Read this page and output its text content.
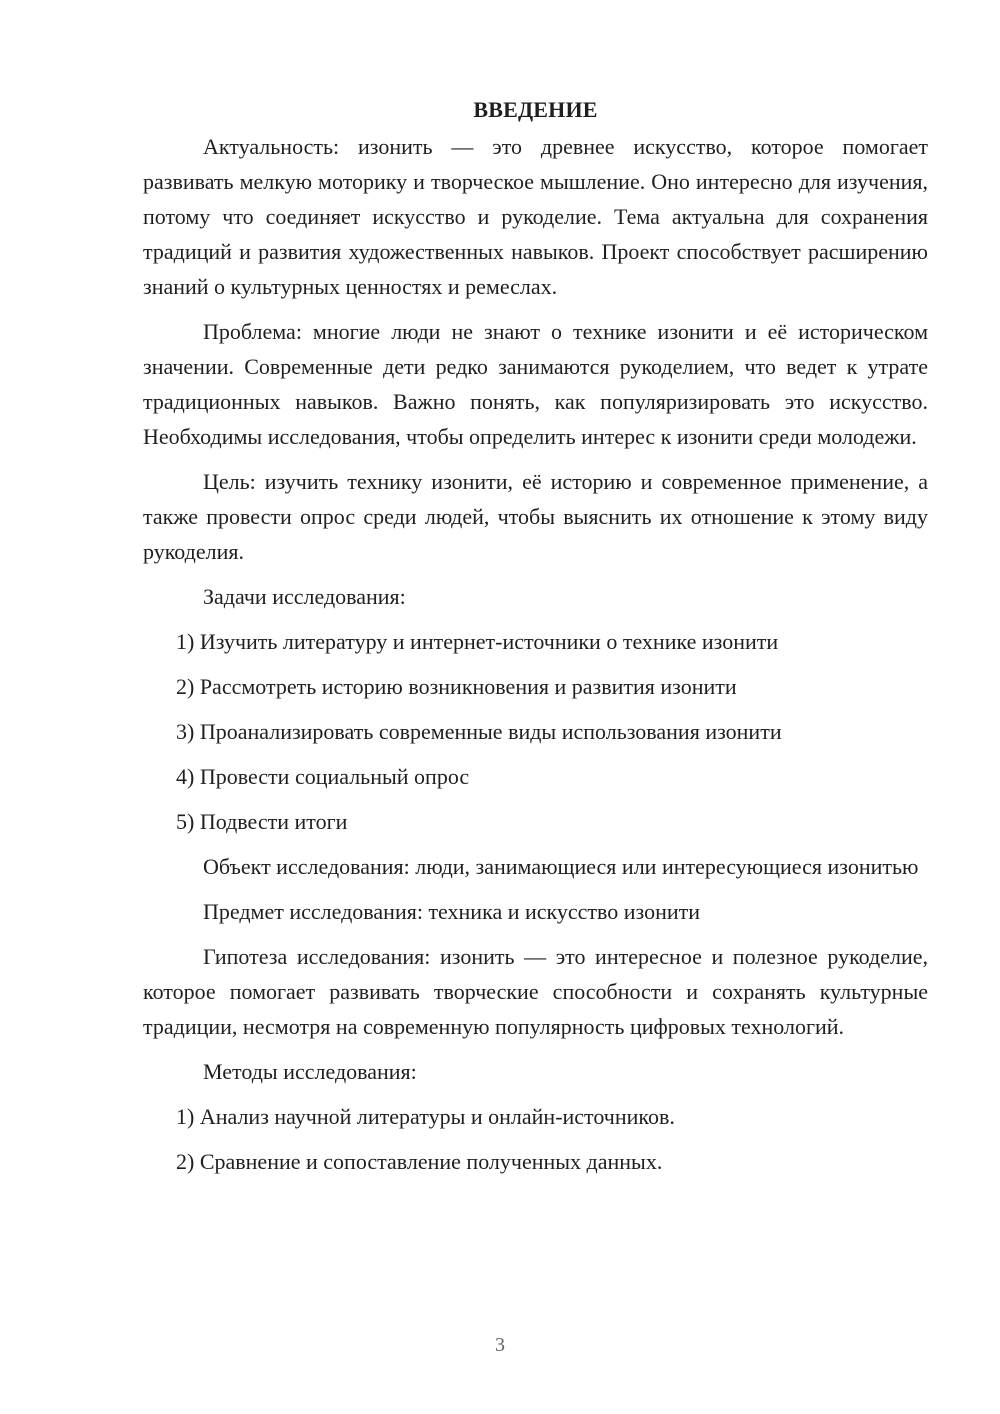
ВВЕДЕНИЕ

Актуальность: изонить — это древнее искусство, которое помогает развивать мелкую моторику и творческое мышление. Оно интересно для изучения, потому что соединяет искусство и рукоделие. Тема актуальна для сохранения традиций и развития художественных навыков. Проект способствует расширению знаний о культурных ценностях и ремеслах.

Проблема: многие люди не знают о технике изонити и её историческом значении. Современные дети редко занимаются рукоделием, что ведет к утрате традиционных навыков. Важно понять, как популяризировать это искусство. Необходимы исследования, чтобы определить интерес к изонити среди молодежи.

Цель: изучить технику изонити, её историю и современное применение, а также провести опрос среди людей, чтобы выяснить их отношение к этому виду рукоделия.

Задачи исследования:

1) Изучить литературу и интернет-источники о технике изонити
2) Рассмотреть историю возникновения и развития изонити
3) Проанализировать современные виды использования изонити
4) Провести социальный опрос
5) Подвести итоги

Объект исследования: люди, занимающиеся или интересующиеся изонитью

Предмет исследования: техника и искусство изонити

Гипотеза исследования: изонить — это интересное и полезное рукоделие, которое помогает развивать творческие способности и сохранять культурные традиции, несмотря на современную популярность цифровых технологий.

Методы исследования:

1) Анализ научной литературы и онлайн-источников.
2) Сравнение и сопоставление полученных данных.
3
